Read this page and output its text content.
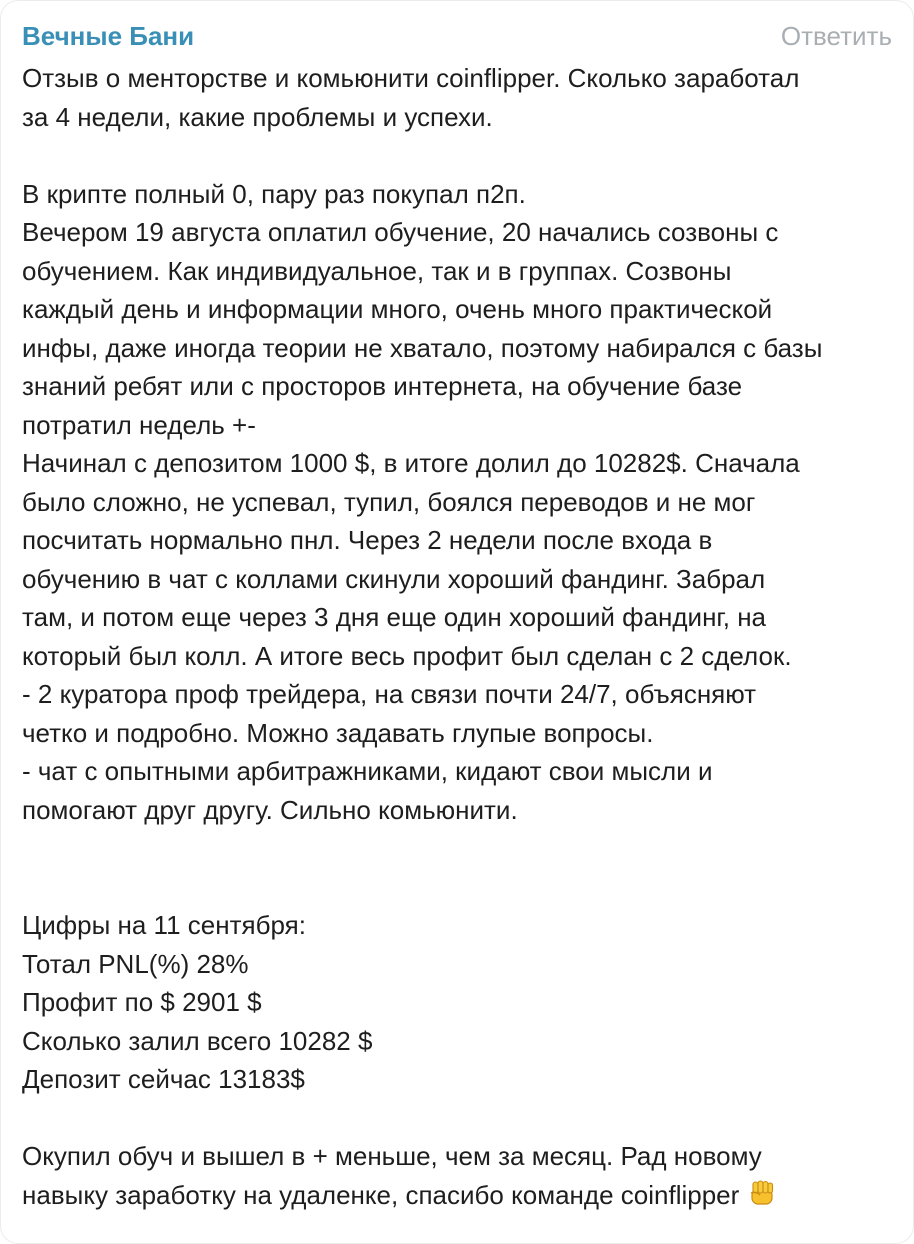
Вечные Бани	Ответить
Отзыв о менторстве и комьюнити coinflipper. Сколько заработал
за 4 недели, какие проблемы и успехи.
В крипте полный 0, пару раз покупал п2п.
Вечером 19 августа оплатил обучение, 20 начались созвоны с
обучением. Как индивидуальное, так и в группах. Созвоны
каждый день и информации много, очень много практической
инфы, даже иногда теории не хватало, поэтому набирался с базы
знаний ребят или с просторов интернета, на обучение базе
потратил недель +-
Начинал с депозитом 1000 $, в итоге долил до 10282$. Сначала
было сложно, не успевал, тупил, боялся переводов и не мог
посчитать нормально пнл. Через 2 недели после входа в
обучению в чат с коллами скинули хороший фандинг. Забрал
там, и потом еще через 3 дня еще один хороший фандинг, на
который был колл. А итоге весь профит был сделан с 2 сделок.
- 2 куратора проф трейдера, на связи почти 24/7, объясняют
четко и подробно. Можно задавать глупые вопросы.
- чат с опытными арбитражниками, кидают свои мысли и
помогают друг другу. Сильно комьюнити.
Цифры на 11 сентября:
Тотал PNL(%) 28%
Профит по $ 2901 $
Сколько залил всего 10282 $
Депозит сейчас 13183$
Окупил обуч и вышел в + меньше, чем за месяц. Рад новому
навыку заработку на удаленке, спасибо команде coinflipper
